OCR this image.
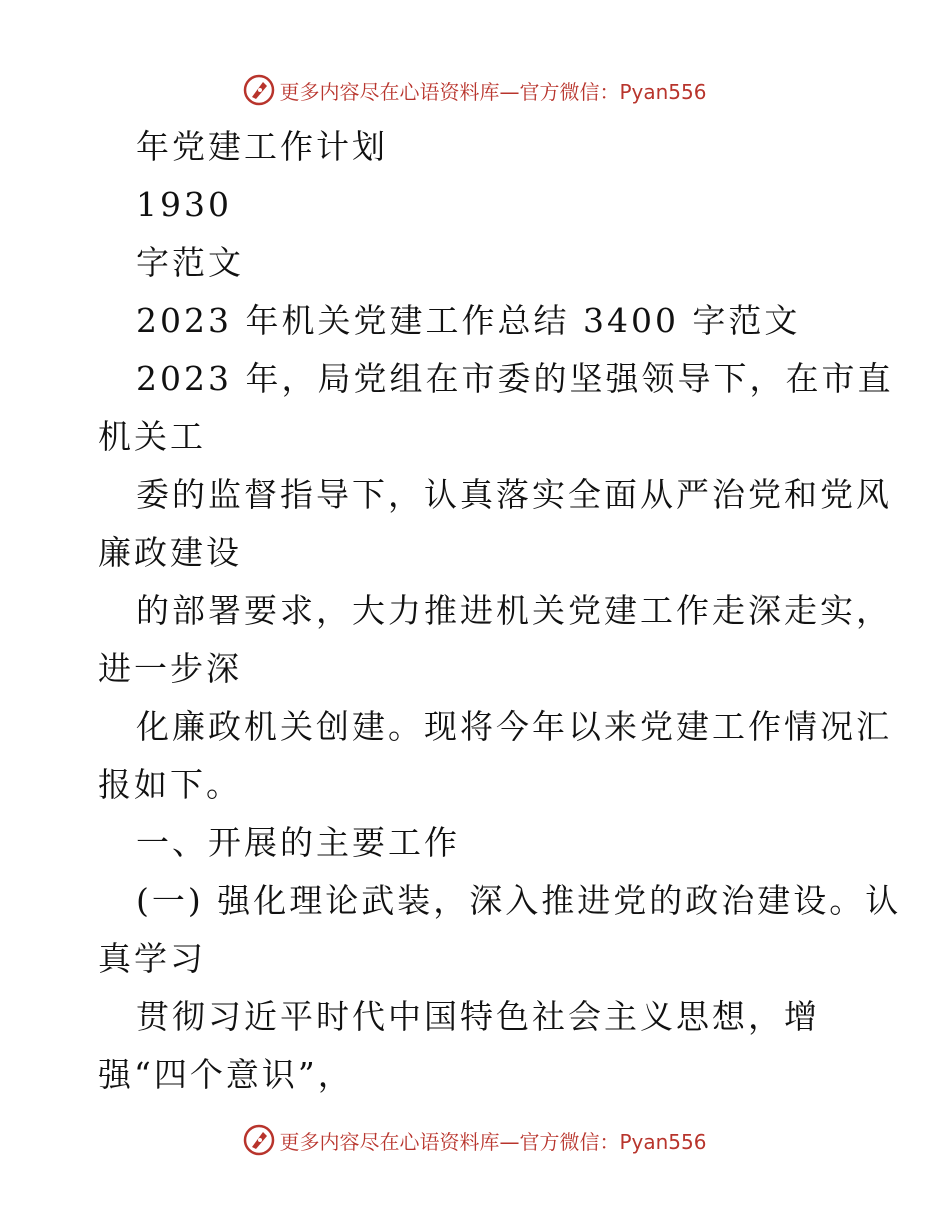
更多内容尽在心语资料库—官方微信：Pyan556
年党建工作计划
1930
字范文
2023 年机关党建工作总结 3400 字范文
2023 年，局党组在市委的坚强领导下，在市直
机关工
委的监督指导下，认真落实全面从严治党和党风
廉政建设
的部署要求，大力推进机关党建工作走深走实，
进一步深
化廉政机关创建。现将今年以来党建工作情况汇
报如下。
一、开展的主要工作
(一) 强化理论武装，深入推进党的政治建设。认
真学习
贯彻习近平时代中国特色社会主义思想，增
强“四个意识”，
更多内容尽在心语资料库—官方微信：Pyan556
